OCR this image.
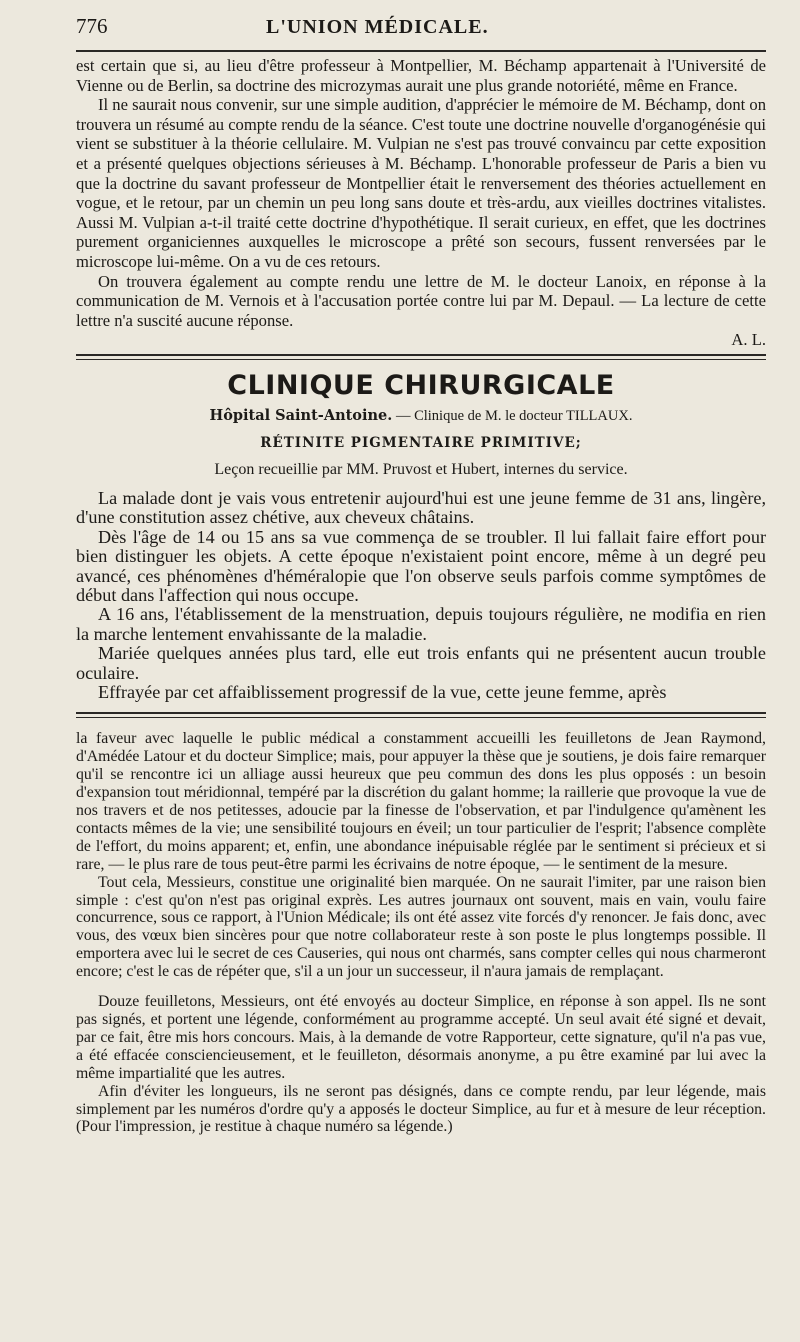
776	L'UNION MÉDICALE.

est certain que si, au lieu d'être professeur à Montpellier, M. Béchamp appartenait à l'Université de Vienne ou de Berlin, sa doctrine des microzymas aurait une plus grande notoriété, même en France.

Il ne saurait nous convenir, sur une simple audition, d'apprécier le mémoire de M. Béchamp, dont on trouvera un résumé au compte rendu de la séance. C'est toute une doctrine nouvelle d'organogénésie qui vient se substituer à la théorie cellulaire. M. Vulpian ne s'est pas trouvé convaincu par cette exposition et a présenté quelques objections sérieuses à M. Béchamp. L'honorable professeur de Paris a bien vu que la doctrine du savant professeur de Montpellier était le renversement des théories actuellement en vogue, et le retour, par un chemin un peu long sans doute et très-ardu, aux vieilles doctrines vitalistes. Aussi M. Vulpian a-t-il traité cette doctrine d'hypothétique. Il serait curieux, en effet, que les doctrines purement organiciennes auxquelles le microscope a prêté son secours, fussent renversées par le microscope lui-même. On a vu de ces retours.

On trouvera également au compte rendu une lettre de M. le docteur Lanoix, en réponse à la communication de M. Vernois et à l'accusation portée contre lui par M. Depaul. — La lecture de cette lettre n'a suscité aucune réponse.

A. L.

CLINIQUE CHIRURGICALE
Hôpital Saint-Antoine. — Clinique de M. le docteur TILLAUX.
RÉTINITE PIGMENTAIRE PRIMITIVE;
Leçon recueillie par MM. Pruvost et Hubert, internes du service.

La malade dont je vais vous entretenir aujourd'hui est une jeune femme de 31 ans, lingère, d'une constitution assez chétive, aux cheveux châtains.

Dès l'âge de 14 ou 15 ans sa vue commença de se troubler. Il lui fallait faire effort pour bien distinguer les objets. A cette époque n'existaient point encore, même à un degré peu avancé, ces phénomènes d'héméralopie que l'on observe seuls parfois comme symptômes de début dans l'affection qui nous occupe.

A 16 ans, l'établissement de la menstruation, depuis toujours régulière, ne modifia en rien la marche lentement envahissante de la maladie.

Mariée quelques années plus tard, elle eut trois enfants qui ne présentent aucun trouble oculaire.

Effrayée par cet affaiblissement progressif de la vue, cette jeune femme, après

la faveur avec laquelle le public médical a constamment accueilli les feuilletons de Jean Raymond, d'Amédée Latour et du docteur Simplice; mais, pour appuyer la thèse que je soutiens, je dois faire remarquer qu'il se rencontre ici un alliage aussi heureux que peu commun des dons les plus opposés : un besoin d'expansion tout méridionnal, tempéré par la discrétion du galant homme; la raillerie que provoque la vue de nos travers et de nos petitesses, adoucie par la finesse de l'observation, et par l'indulgence qu'amènent les contacts mêmes de la vie; une sensibilité toujours en éveil; un tour particulier de l'esprit; l'absence complète de l'effort, du moins apparent; et, enfin, une abondance inépuisable réglée par le sentiment si précieux et si rare, — le plus rare de tous peut-être parmi les écrivains de notre époque, — le sentiment de la mesure.

Tout cela, Messieurs, constitue une originalité bien marquée. On ne saurait l'imiter, par une raison bien simple : c'est qu'on n'est pas original exprès. Les autres journaux ont souvent, mais en vain, voulu faire concurrence, sous ce rapport, à l'Union Médicale; ils ont été assez vite forcés d'y renoncer. Je fais donc, avec vous, des vœux bien sincères pour que notre collaborateur reste à son poste le plus longtemps possible. Il emportera avec lui le secret de ces Causeries, qui nous ont charmés, sans compter celles qui nous charmeront encore; c'est le cas de répéter que, s'il a un jour un successeur, il n'aura jamais de remplaçant.

Douze feuilletons, Messieurs, ont été envoyés au docteur Simplice, en réponse à son appel. Ils ne sont pas signés, et portent une légende, conformément au programme accepté. Un seul avait été signé et devait, par ce fait, être mis hors concours. Mais, à la demande de votre Rapporteur, cette signature, qu'il n'a pas vue, a été effacée consciencieusement, et le feuilleton, désormais anonyme, a pu être examiné par lui avec la même impartialité que les autres.

Afin d'éviter les longueurs, ils ne seront pas désignés, dans ce compte rendu, par leur légende, mais simplement par les numéros d'ordre qu'y a apposés le docteur Simplice, au fur et à mesure de leur réception. (Pour l'impression, je restitue à chaque numéro sa légende.)
